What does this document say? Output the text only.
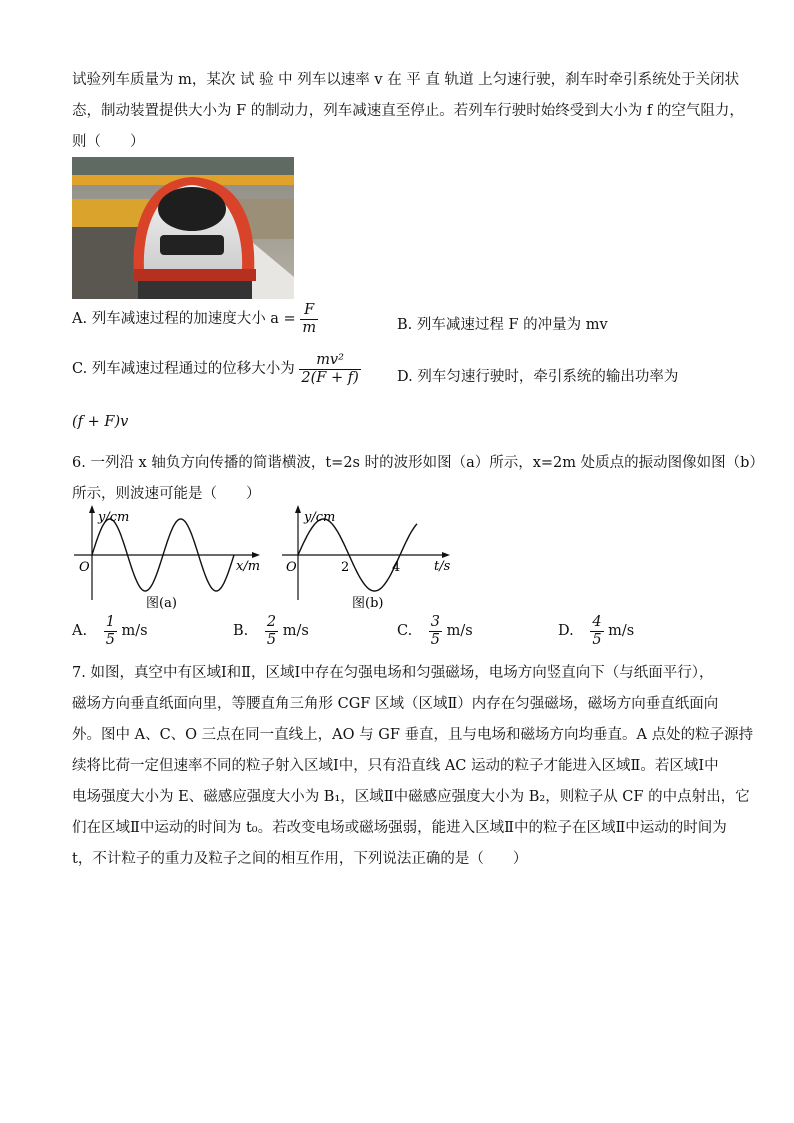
试验列车质量为 m，某次 试 验 中 列车以速率 v 在 平 直 轨道 上匀速行驶，刹车时牵引系统处于关闭状
态，制动装置提供大小为 F 的制动力，列车减速直至停止。若列车行驶时始终受到大小为 f 的空气阻力，
则（　　）
A. 列车减速过程的加速度大小 $a = \frac{F}{m}$	B. 列车减速过程 F 的冲量为 mv
C. 列车减速过程通过的位移大小为 $\frac{\text{mv²}}{2(F + f)}$	D. 列车匀速行驶时，牵引系统的输出功率为
(f + F)v
6. 一列沿 x 轴负方向传播的简谐横波，t=2s 时的波形如图（a）所示，x=2m 处质点的振动图像如图（b）
所示，则波速可能是（　　）
y/cm
O	x/m
图(a)
y/cm
O	2	4	t/s
图(b)
A. $\frac{1}{5} m/s$	B. $\frac{2}{5} m/s$	C. $\frac{3}{5} m/s$	D. $\frac{4}{5} m/s$
7. 如图，真空中有区域Ⅰ和Ⅱ，区域Ⅰ中存在匀强电场和匀强磁场，电场方向竖直向下（与纸面平行），
磁场方向垂直纸面向里，等腰直角三角形 CGF 区域（区域Ⅱ）内存在匀强磁场，磁场方向垂直纸面向
外。图中 A、C、O 三点在同一直线上，AO 与 GF 垂直，且与电场和磁场方向均垂直。A 点处的粒子源持
续将比荷一定但速率不同的粒子射入区域Ⅰ中，只有沿直线 AC 运动的粒子才能进入区域Ⅱ。若区域Ⅰ中
电场强度大小为 E、磁感应强度大小为 B₁，区域Ⅱ中磁感应强度大小为 B₂，则粒子从 CF 的中点射出，它
们在区域Ⅱ中运动的时间为 t₀。若改变电场或磁场强弱，能进入区域Ⅱ中的粒子在区域Ⅱ中运动的时间为
t，不计粒子的重力及粒子之间的相互作用，下列说法正确的是（　　）
